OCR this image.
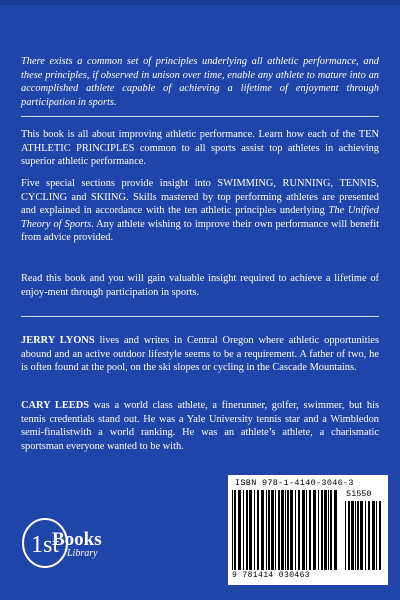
There exists a common set of principles underlying all athletic performance, and these principles, if observed in unison over time, enable any athlete to mature into an accomplished athlete capable of achieving a lifetime of enjoyment through participation in sports.
This book is all about improving athletic performance. Learn how each of the TEN ATHLETIC PRINCIPLES common to all sports assist top athletes in achieving superior athletic performance.
Five special sections provide insight into SWIMMING, RUNNING, TENNIS, CYCLING and SKIING. Skills mastered by top performing athletes are presented and explained in accordance with the ten athletic principles underlying The Unified Theory of Sports. Any athlete wishing to improve their own performance will benefit from advice provided.
Read this book and you will gain valuable insight required to achieve a lifetime of enjoy-ment through participation in sports.
JERRY LYONS lives and writes in Central Oregon where athletic opportunities abound and an active outdoor lifestyle seems to be a requirement. A father of two, he is often found at the pool, on the ski slopes or cycling in the Cascade Mountains.
CARY LEEDS was a world class athlete, a finerunner, golfer, swimmer, but his tennis credentials stand out. He was a Yale University tennis star and a Wimbledon semi-finalistwith a world ranking. He was an athlete’s athlete, a charismatic sportsman everyone wanted to be with.
1st
Books
Library
ISBN 978-1-4140-3046-3
51550
9 781414 030463
